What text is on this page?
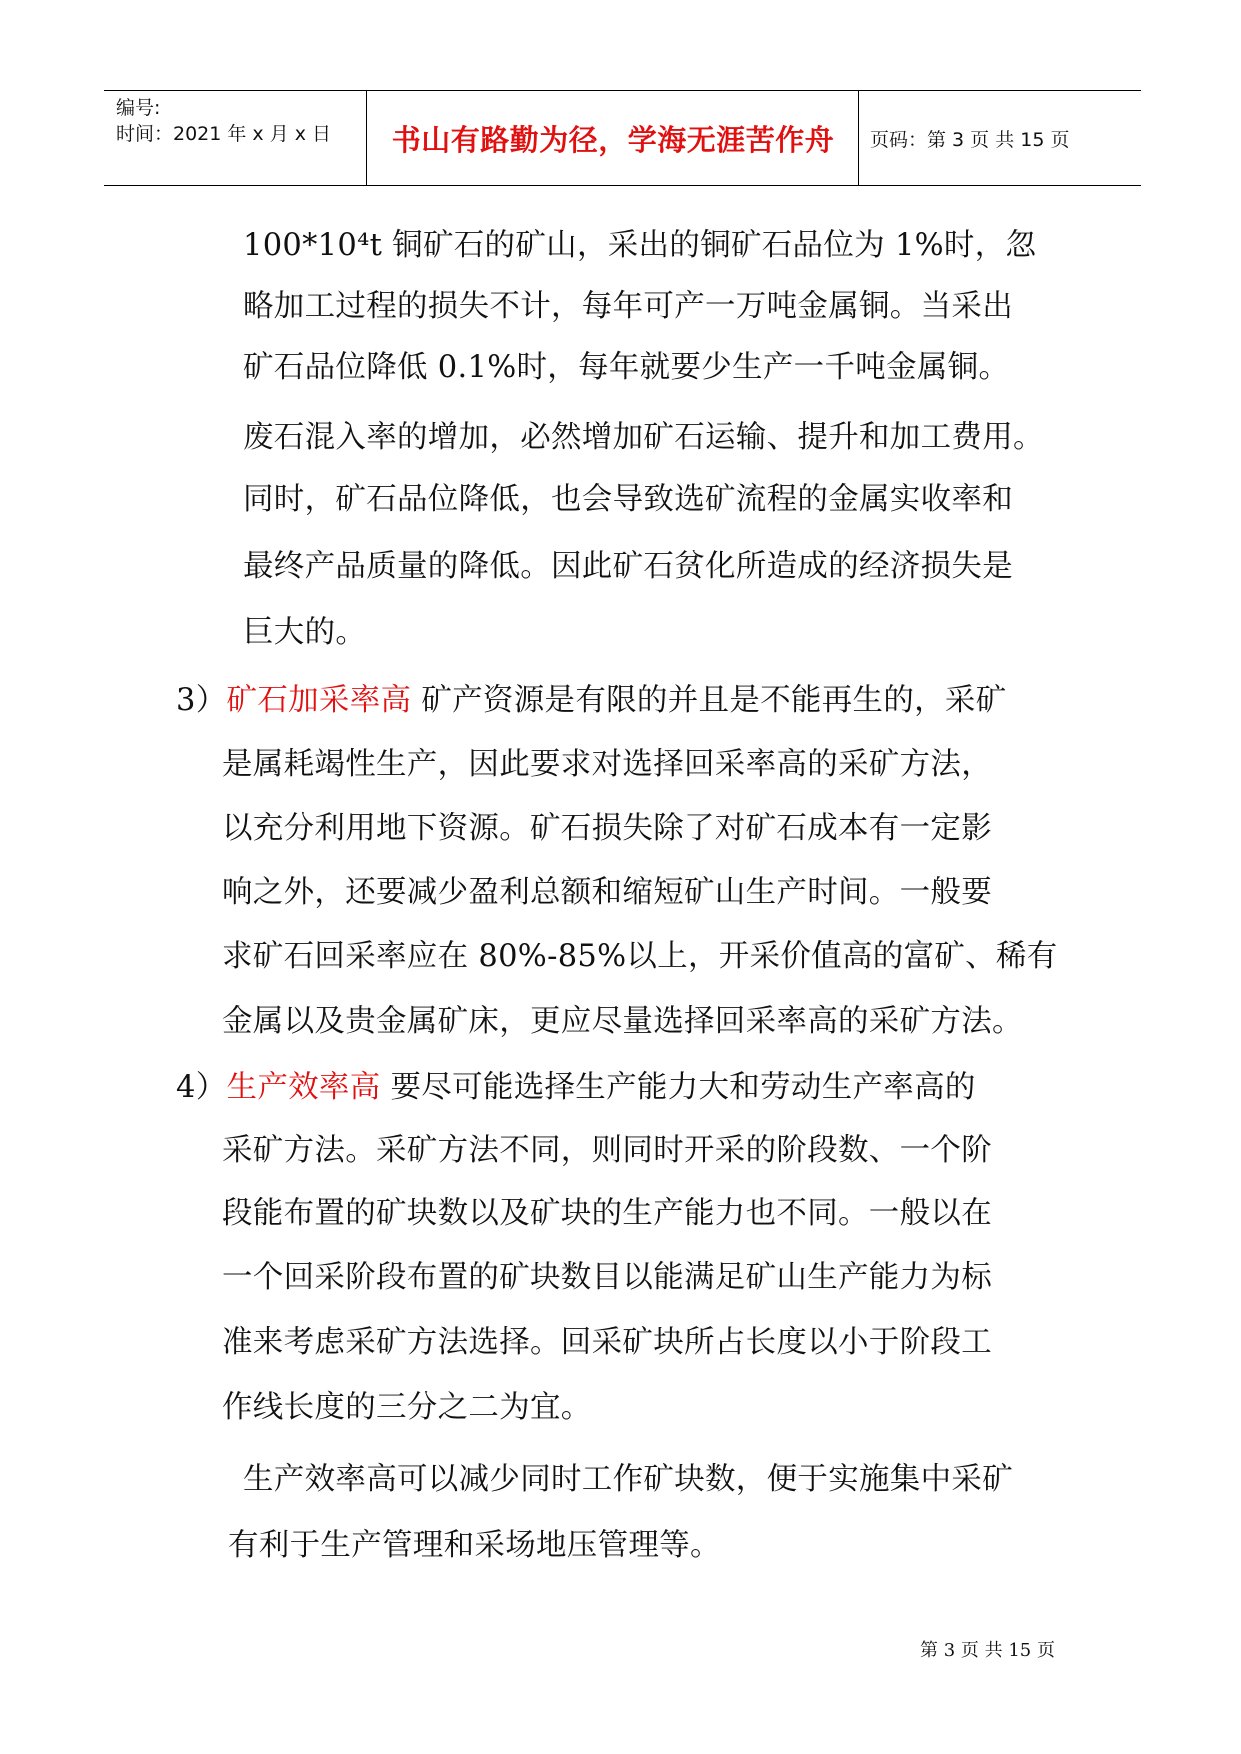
编号:
时间：2021 年 x 月 x 日	书山有路勤为径，学海无涯苦作舟	页码：第 3 页 共 15 页
100*10⁴t 铜矿石的矿山，采出的铜矿石品位为 1%时，忽
略加工过程的损失不计，每年可产一万吨金属铜。当采出
矿石品位降低 0.1%时，每年就要少生产一千吨金属铜。
废石混入率的增加，必然增加矿石运输、提升和加工费用。
同时，矿石品位降低，也会导致选矿流程的金属实收率和
最终产品质量的降低。因此矿石贫化所造成的经济损失是
巨大的。
3）矿石加采率高 矿产资源是有限的并且是不能再生的，采矿
是属耗竭性生产，因此要求对选择回采率高的采矿方法，
以充分利用地下资源。矿石损失除了对矿石成本有一定影
响之外，还要减少盈利总额和缩短矿山生产时间。一般要
求矿石回采率应在 80%-85%以上，开采价值高的富矿、稀有
金属以及贵金属矿床，更应尽量选择回采率高的采矿方法。
4）生产效率高 要尽可能选择生产能力大和劳动生产率高的
采矿方法。采矿方法不同，则同时开采的阶段数、一个阶
段能布置的矿块数以及矿块的生产能力也不同。一般以在
一个回采阶段布置的矿块数目以能满足矿山生产能力为标
准来考虑采矿方法选择。回采矿块所占长度以小于阶段工
作线长度的三分之二为宜。
生产效率高可以减少同时工作矿块数，便于实施集中采矿
有利于生产管理和采场地压管理等。
第 3 页 共 15 页
